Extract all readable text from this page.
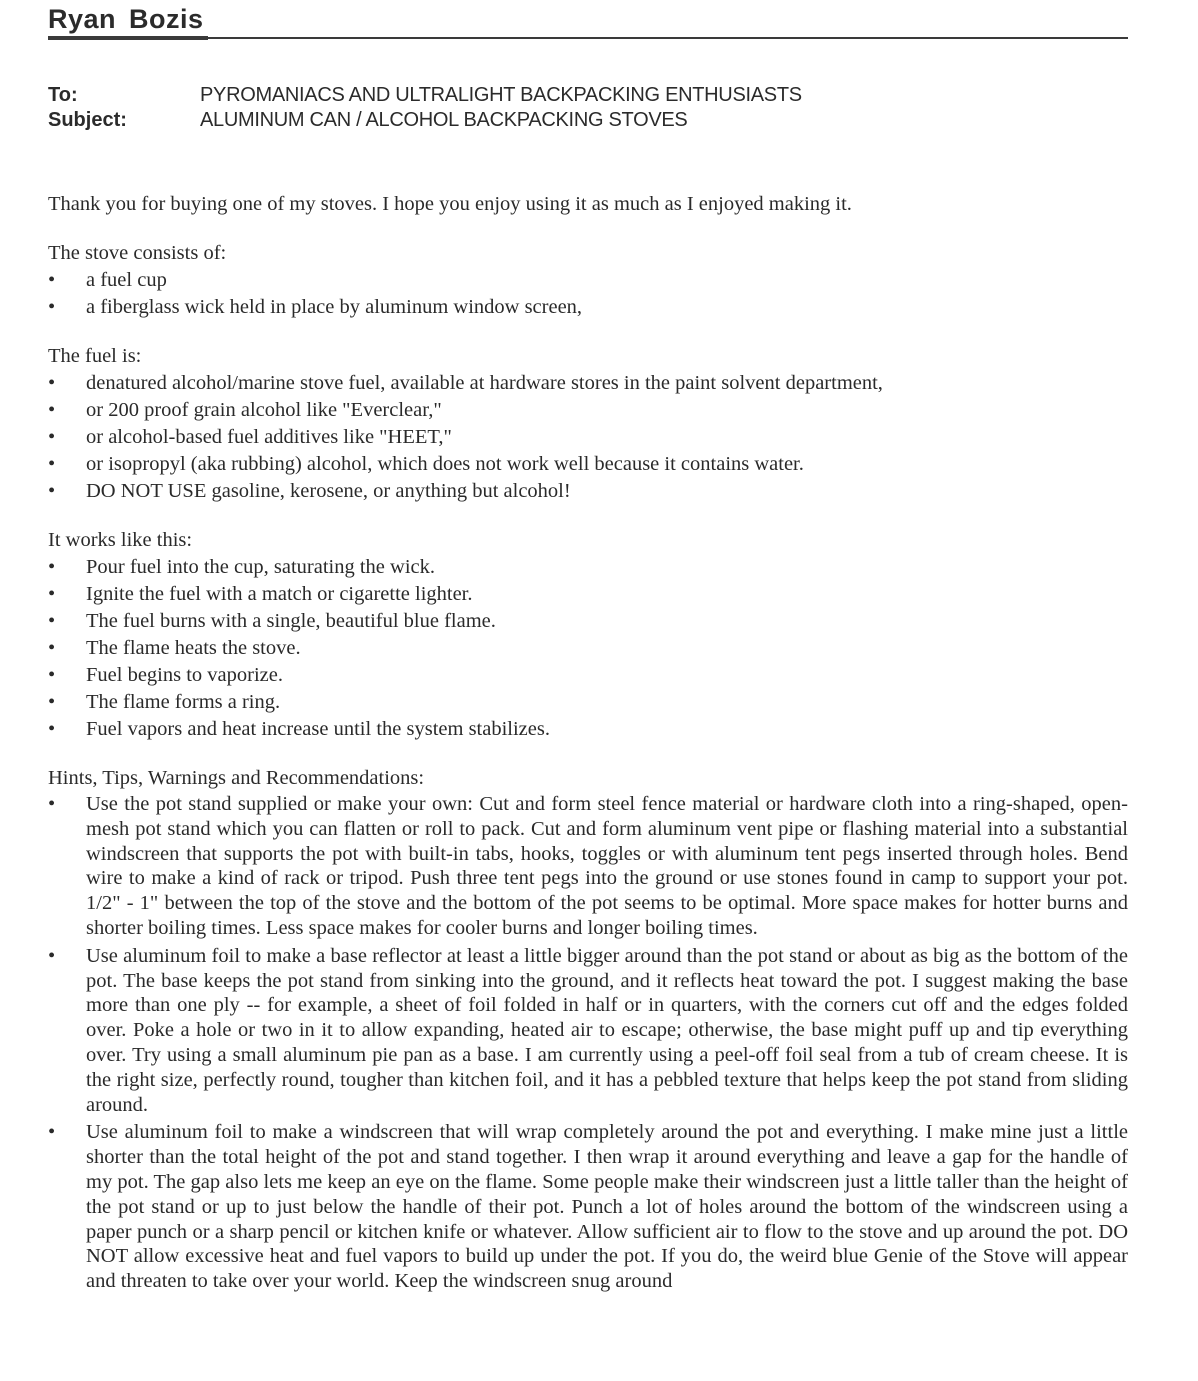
Ryan Bozis
To:	PYROMANIACS AND ULTRALIGHT BACKPACKING ENTHUSIASTS
Subject:	ALUMINUM CAN / ALCOHOL BACKPACKING STOVES

Thank you for buying one of my stoves. I hope you enjoy using it as much as I enjoyed making it.

The stove consists of:

• a fuel cup
• a fiberglass wick held in place by aluminum window screen,

The fuel is:

• denatured alcohol/marine stove fuel, available at hardware stores in the paint solvent department,
• or 200 proof grain alcohol like "Everclear,"
• or alcohol-based fuel additives like "HEET,"
• or isopropyl (aka rubbing) alcohol, which does not work well because it contains water.
• DO NOT USE gasoline, kerosene, or anything but alcohol!

It works like this:

• Pour fuel into the cup, saturating the wick.
• Ignite the fuel with a match or cigarette lighter.
• The fuel burns with a single, beautiful blue flame.
• The flame heats the stove.
• Fuel begins to vaporize.
• The flame forms a ring.
• Fuel vapors and heat increase until the system stabilizes.

Hints, Tips, Warnings and Recommendations:

• Use the pot stand supplied or make your own: Cut and form steel fence material or hardware cloth into a ring-shaped, open-mesh pot stand which you can flatten or roll to pack. Cut and form aluminum vent pipe or flashing material into a substantial windscreen that supports the pot with built-in tabs, hooks, toggles or with aluminum tent pegs inserted through holes. Bend wire to make a kind of rack or tripod. Push three tent pegs into the ground or use stones found in camp to support your pot. 1/2" - 1" between the top of the stove and the bottom of the pot seems to be optimal. More space makes for hotter burns and shorter boiling times. Less space makes for cooler burns and longer boiling times.
• Use aluminum foil to make a base reflector at least a little bigger around than the pot stand or about as big as the bottom of the pot. The base keeps the pot stand from sinking into the ground, and it reflects heat toward the pot. I suggest making the base more than one ply -- for example, a sheet of foil folded in half or in quarters, with the corners cut off and the edges folded over. Poke a hole or two in it to allow expanding, heated air to escape; otherwise, the base might puff up and tip everything over. Try using a small aluminum pie pan as a base. I am currently using a peel-off foil seal from a tub of cream cheese. It is the right size, perfectly round, tougher than kitchen foil, and it has a pebbled texture that helps keep the pot stand from sliding around.
• Use aluminum foil to make a windscreen that will wrap completely around the pot and everything. I make mine just a little shorter than the total height of the pot and stand together. I then wrap it around everything and leave a gap for the handle of my pot. The gap also lets me keep an eye on the flame. Some people make their windscreen just a little taller than the height of the pot stand or up to just below the handle of their pot. Punch a lot of holes around the bottom of the windscreen using a paper punch or a sharp pencil or kitchen knife or whatever. Allow sufficient air to flow to the stove and up around the pot. DO NOT allow excessive heat and fuel vapors to build up under the pot. If you do, the weird blue Genie of the Stove will appear and threaten to take over your world. Keep the windscreen snug around
